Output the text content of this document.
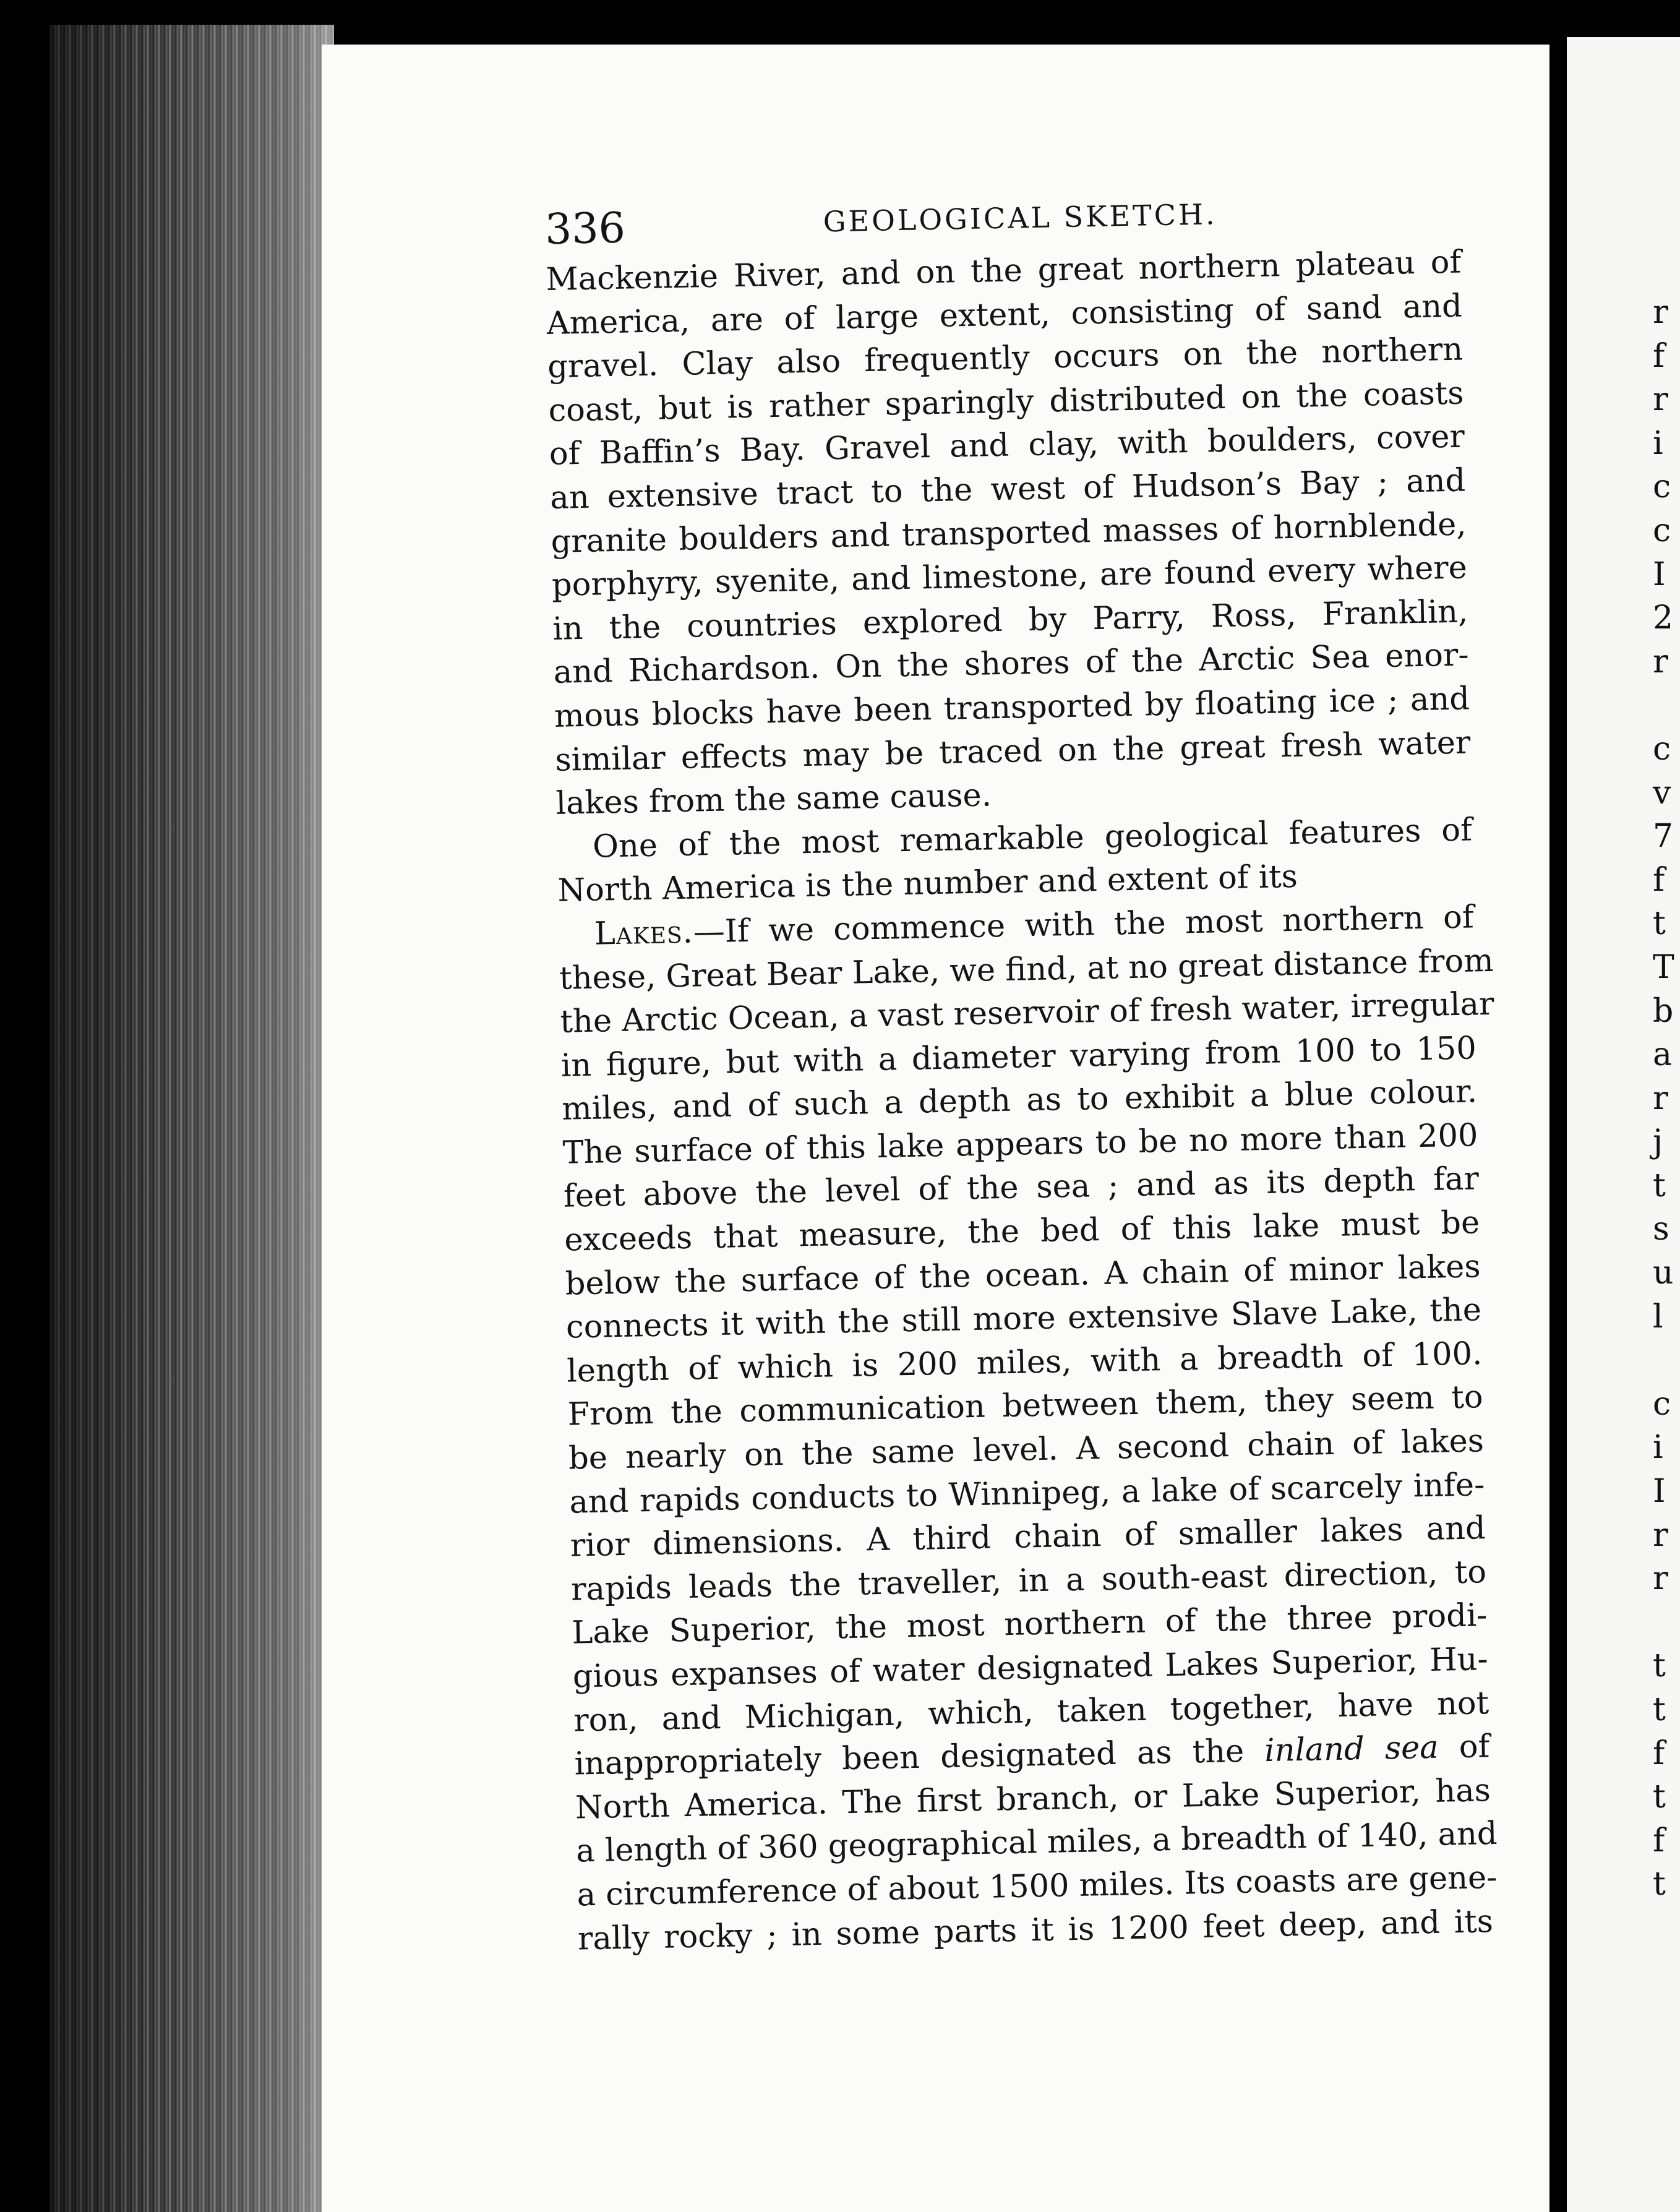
r
f
r
i
c
c
I
2
r
c
v
7
f
t
T
b
a
r
j
t
s
u
l
c
i
I
r
r
t
t
f
t
f
t
336	GEOLOGICAL SKETCH.
Mackenzie River, and on the great northern plateau of
America, are of large extent, consisting of sand and
gravel. Clay also frequently occurs on the northern
coast, but is rather sparingly distributed on the coasts
of Baffin’s Bay. Gravel and clay, with boulders, cover
an extensive tract to the west of Hudson’s Bay ; and
granite boulders and transported masses of hornblende,
porphyry, syenite, and limestone, are found every where
in the countries explored by Parry, Ross, Franklin,
and Richardson. On the shores of the Arctic Sea enor-
mous blocks have been transported by floating ice ; and
similar effects may be traced on the great fresh water
lakes from the same cause.
One of the most remarkable geological features of
North America is the number and extent of its
Lakes.—If we commence with the most northern of
these, Great Bear Lake, we find, at no great distance from
the Arctic Ocean, a vast reservoir of fresh water, irregular
in figure, but with a diameter varying from 100 to 150
miles, and of such a depth as to exhibit a blue colour.
The surface of this lake appears to be no more than 200
feet above the level of the sea ; and as its depth far
exceeds that measure, the bed of this lake must be
below the surface of the ocean. A chain of minor lakes
connects it with the still more extensive Slave Lake, the
length of which is 200 miles, with a breadth of 100.
From the communication between them, they seem to
be nearly on the same level. A second chain of lakes
and rapids conducts to Winnipeg, a lake of scarcely infe-
rior dimensions. A third chain of smaller lakes and
rapids leads the traveller, in a south-east direction, to
Lake Superior, the most northern of the three prodi-
gious expanses of water designated Lakes Superior, Hu-
ron, and Michigan, which, taken together, have not
inappropriately been designated as the inland sea of
North America. The first branch, or Lake Superior, has
a length of 360 geographical miles, a breadth of 140, and
a circumference of about 1500 miles. Its coasts are gene-
rally rocky ; in some parts it is 1200 feet deep, and its
